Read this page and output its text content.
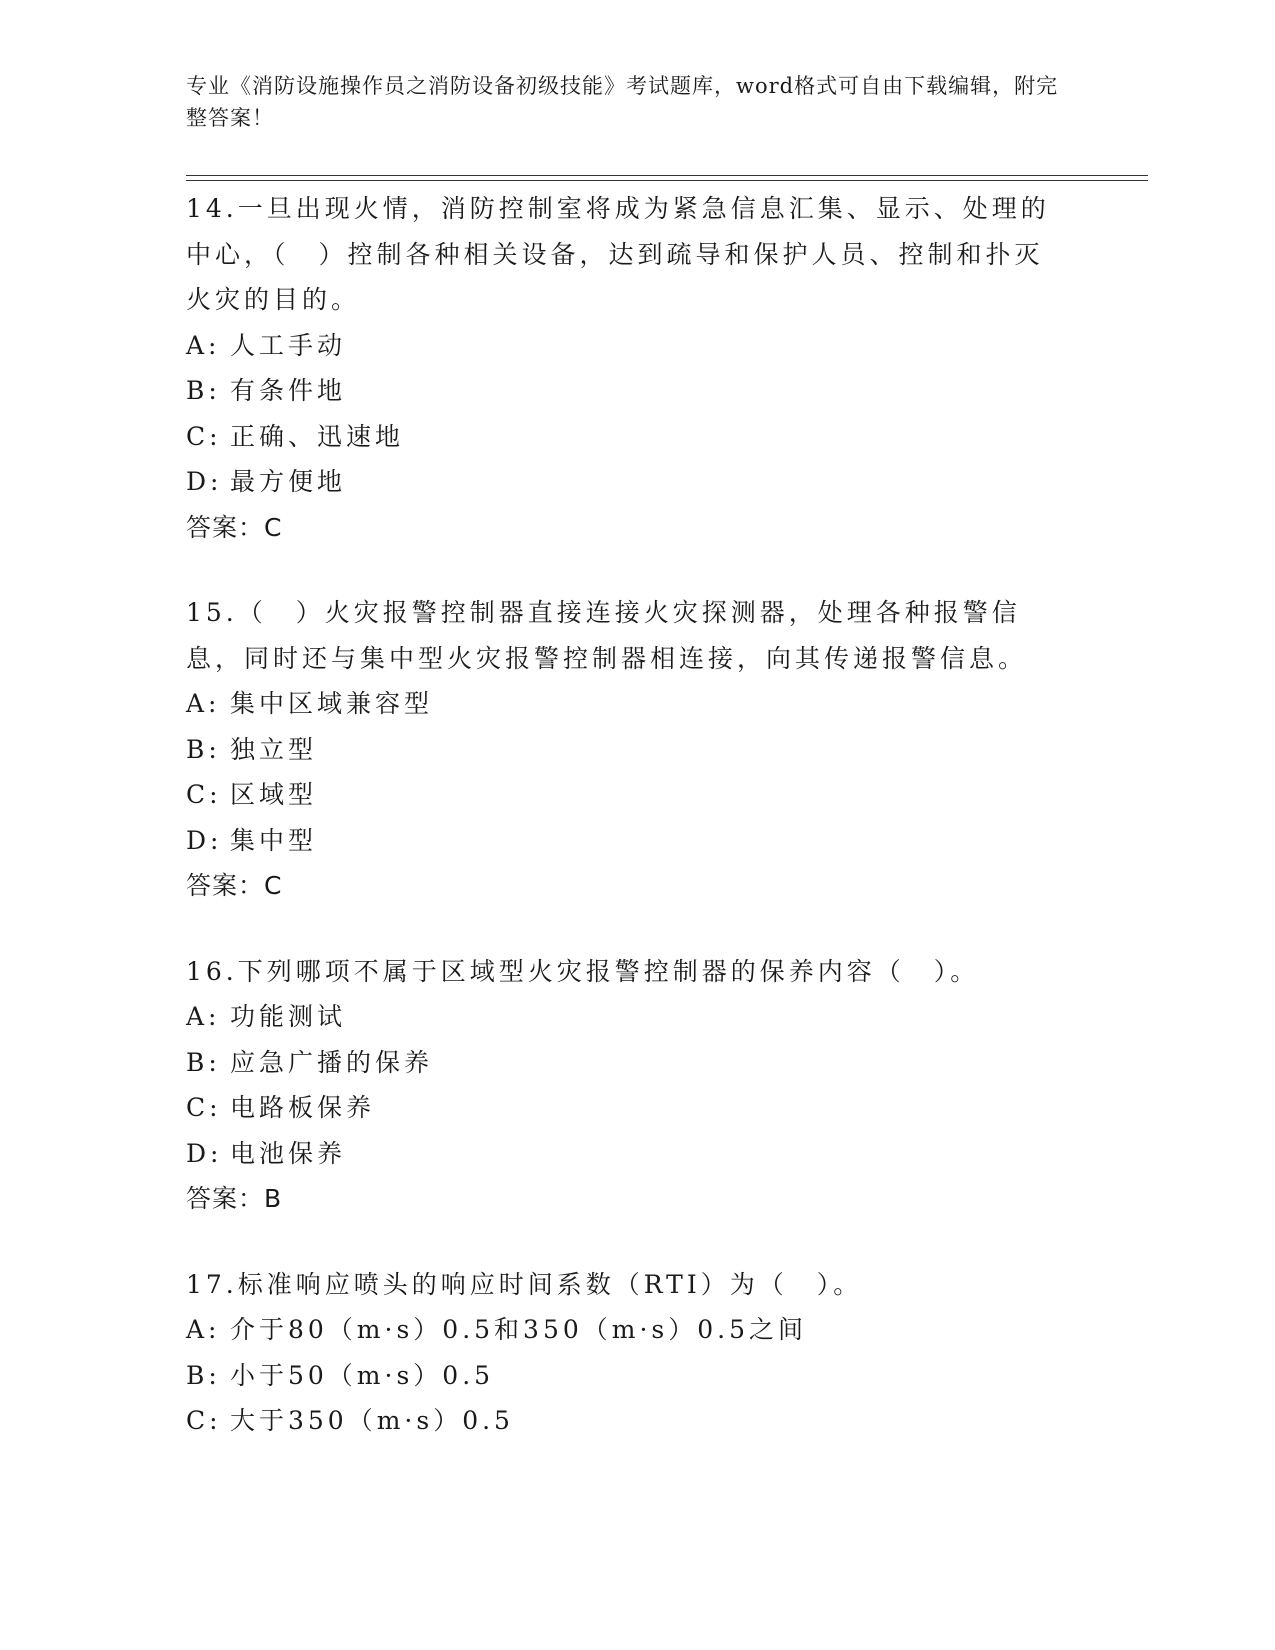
专业《消防设施操作员之消防设备初级技能》考试题库，word格式可自由下载编辑，附完整答案！
14.一旦出现火情，消防控制室将成为紧急信息汇集、显示、处理的中心，（　）控制各种相关设备，达到疏导和保护人员、控制和扑灭火灾的目的。
A: 人工手动
B: 有条件地
C: 正确、迅速地
D: 最方便地
答案：C
15.（　）火灾报警控制器直接连接火灾探测器，处理各种报警信息，同时还与集中型火灾报警控制器相连接，向其传递报警信息。
A: 集中区域兼容型
B: 独立型
C: 区域型
D: 集中型
答案：C
16.下列哪项不属于区域型火灾报警控制器的保养内容（　）。
A: 功能测试
B: 应急广播的保养
C: 电路板保养
D: 电池保养
答案：B
17.标准响应喷头的响应时间系数（RTI）为（　）。
A: 介于80（m·s）0.5和350（m·s）0.5之间
B: 小于50（m·s）0.5
C: 大于350（m·s）0.5
